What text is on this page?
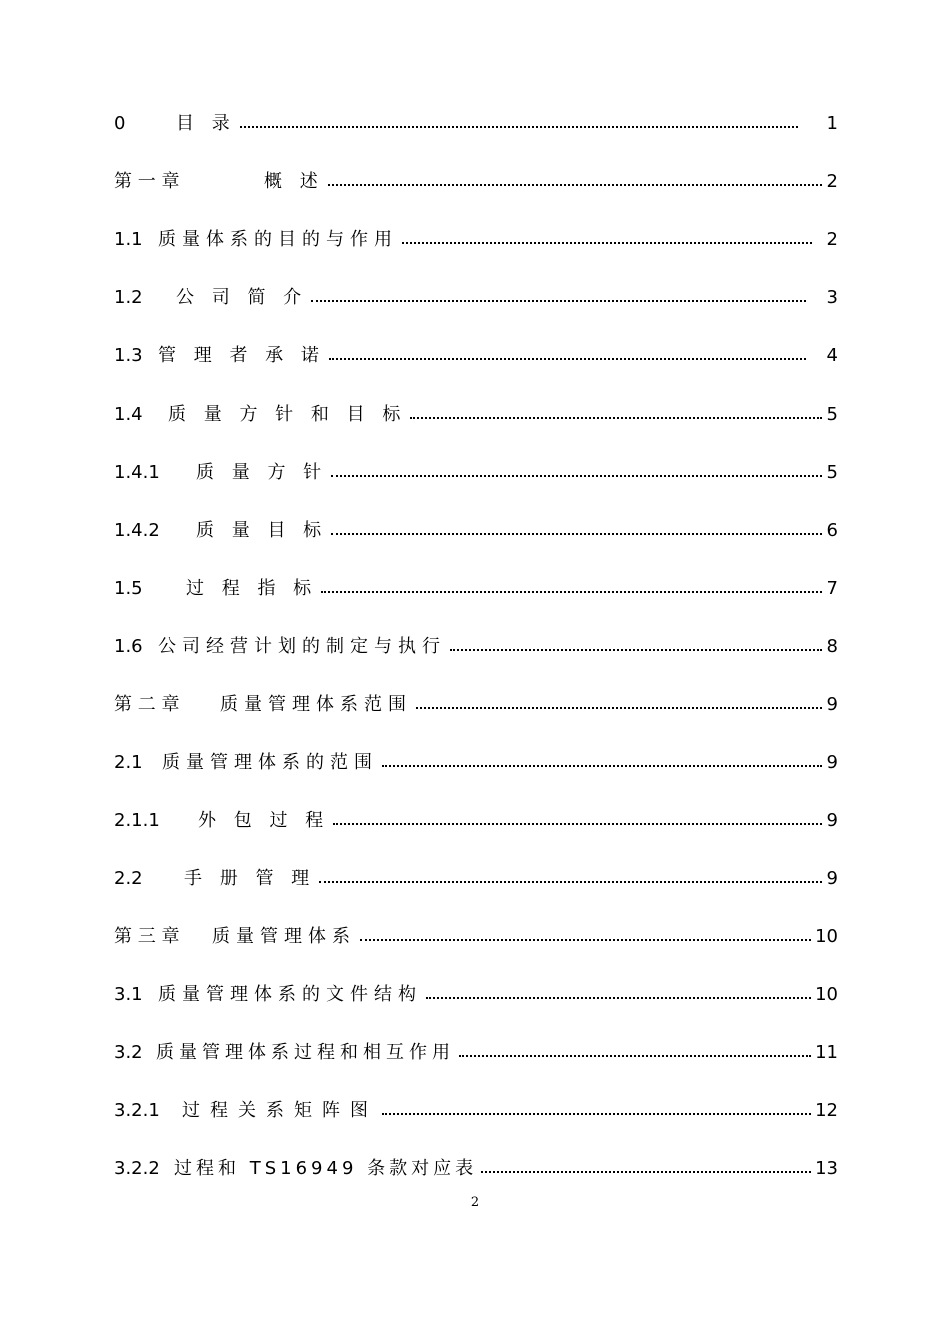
0	目 录	1
第 一 章	概 述	2
1.1 质量体系的目的与作用	2
1.2	公 司 简 介	3
1.3 管 理 者 承 诺	4
1.4	质 量 方 针 和 目 标	5
1.4.1	质 量 方 针	5
1.4.2	质 量 目 标	6
1.5	过 程 指 标	7
1.6 公司经营计划的制定与执行	8
第 二 章	质量管理体系范围	9
2.1	质量管理体系的范围	9
2.1.1	外 包 过 程	9
2.2	手 册 管 理	9
第 三 章	质量管理体系	10
3.1 质量管理体系的文件结构	10
3.2 质量管理体系过程和相互作用	11
3.2.1	过程关系矩阵图	12
3.2.2 过程和 TS16949 条款对应表	13
2
